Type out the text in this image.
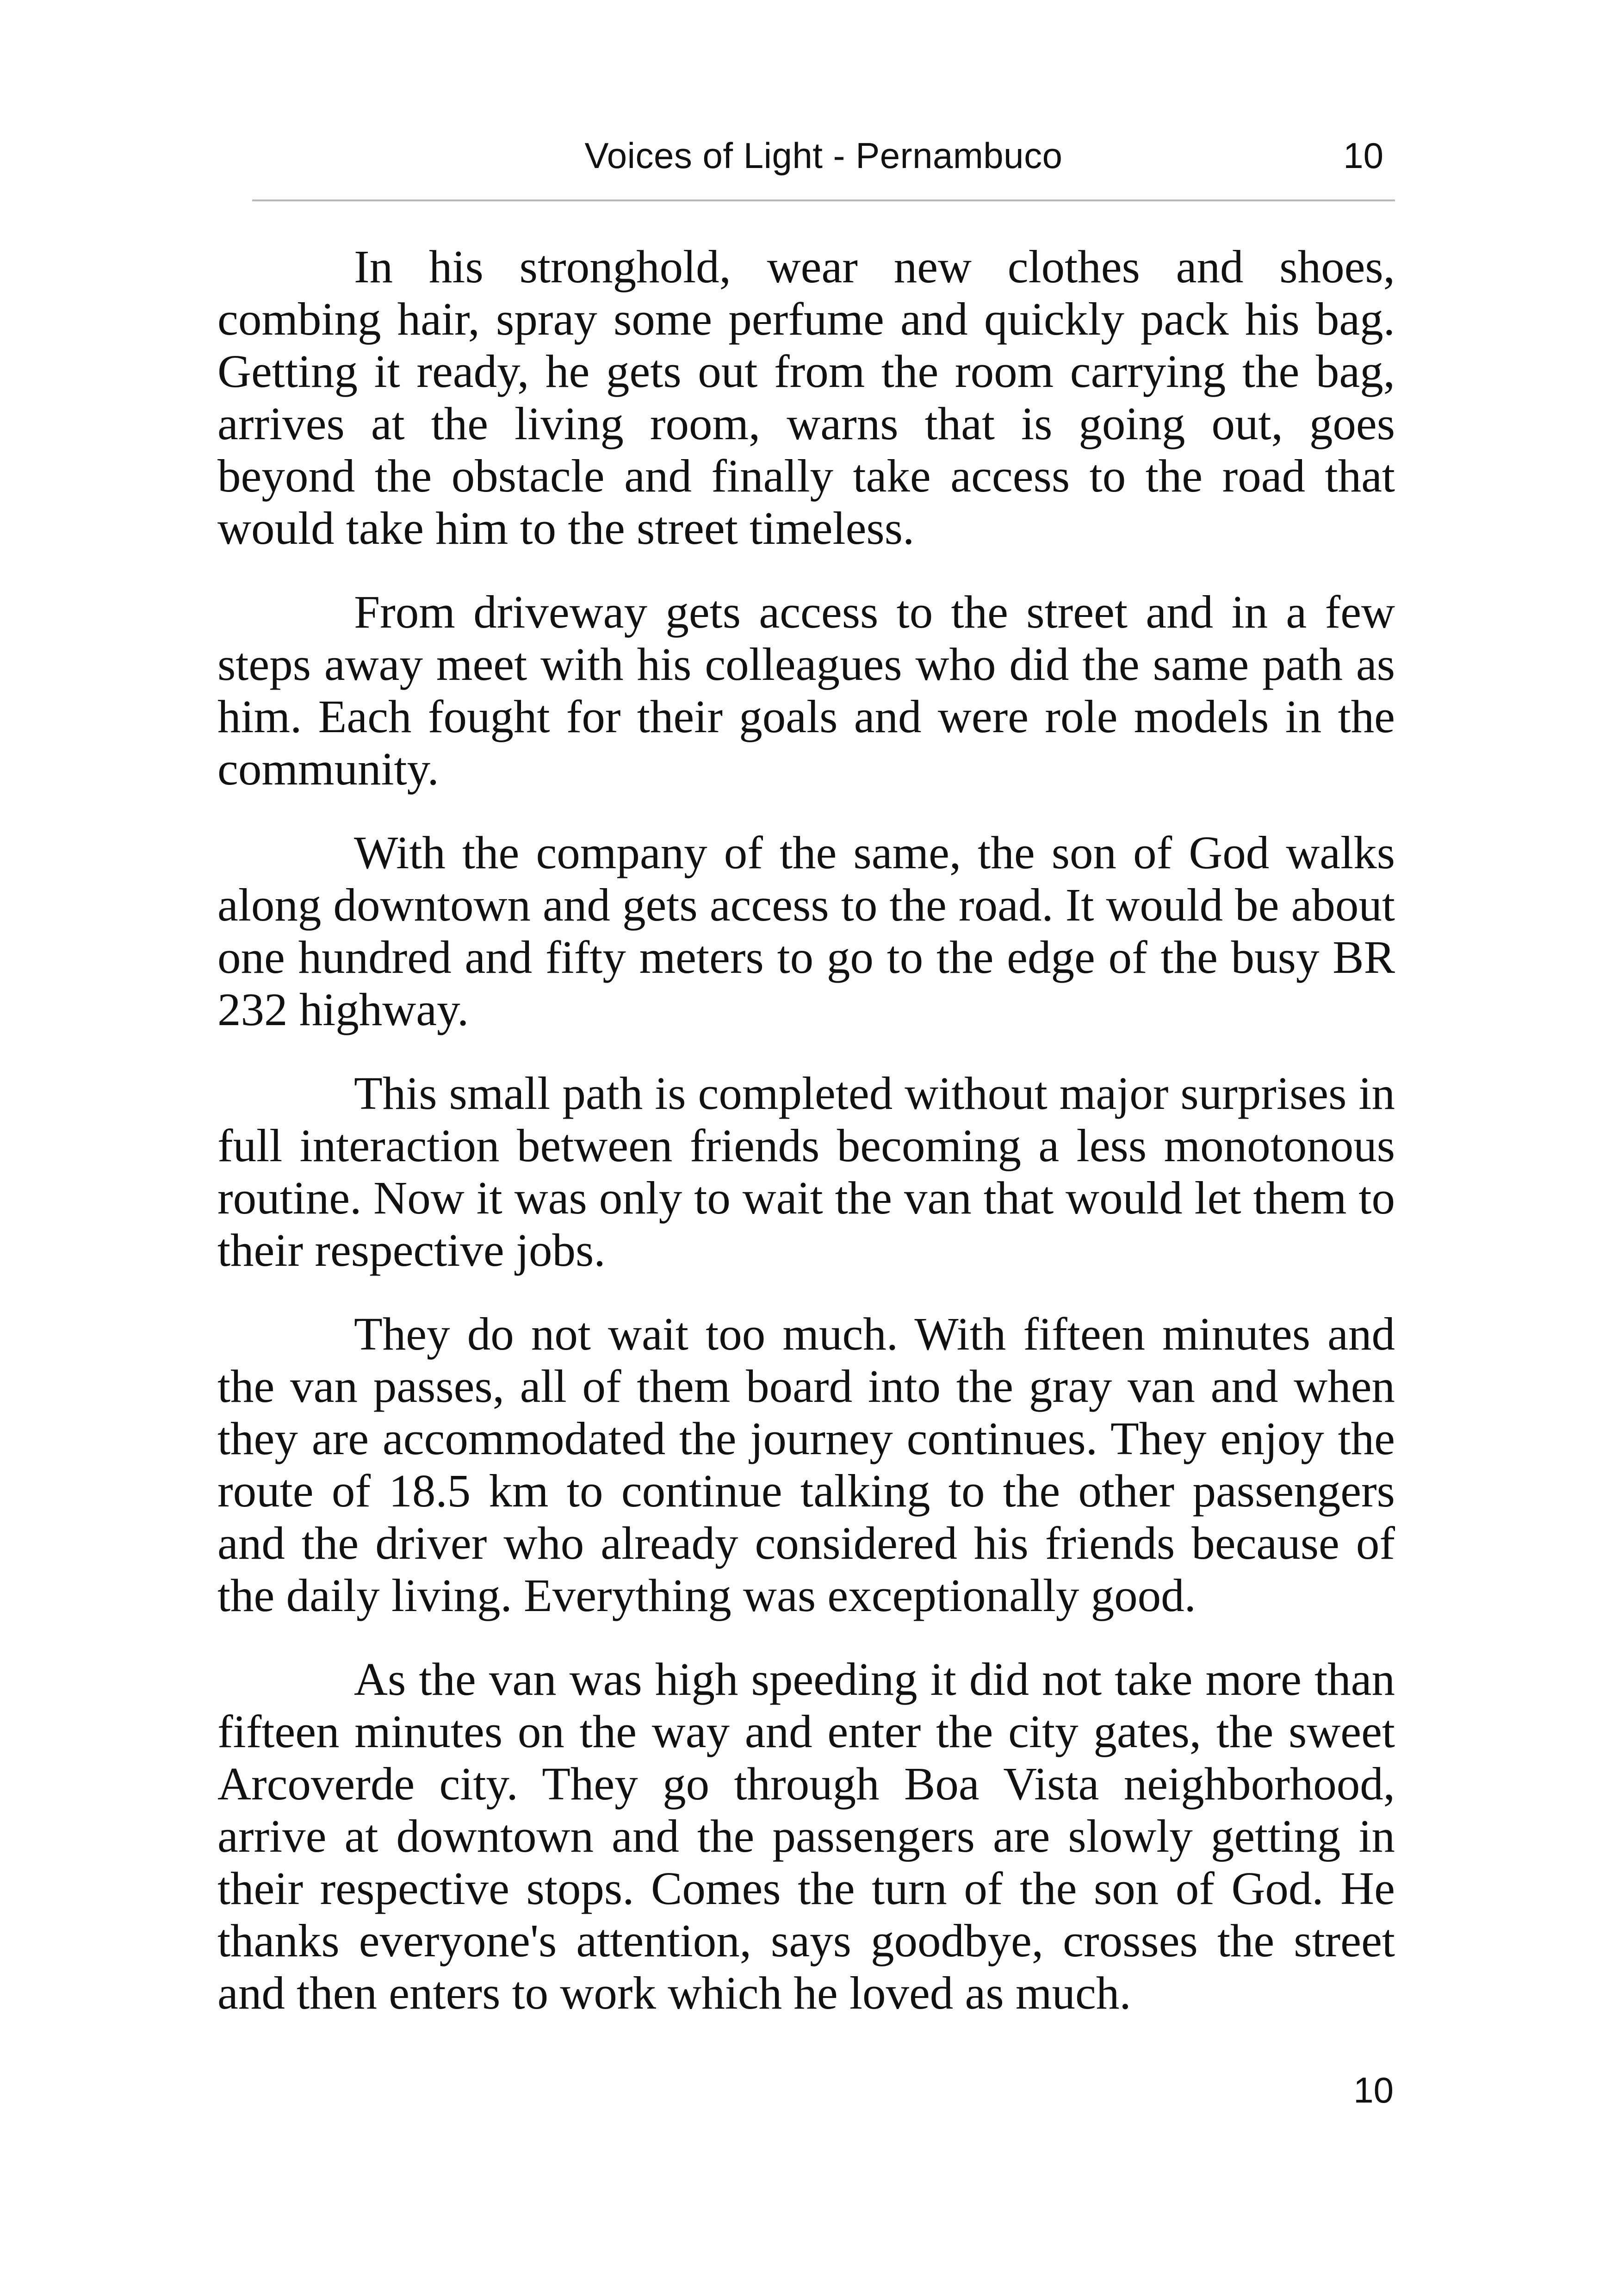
Voices of Light - Pernambuco	10

In his stronghold, wear new clothes and shoes, combing hair, spray some perfume and quickly pack his bag. Getting it ready, he gets out from the room carrying the bag, arrives at the living room, warns that is going out, goes beyond the obstacle and finally take access to the road that would take him to the street timeless.

From driveway gets access to the street and in a few steps away meet with his colleagues who did the same path as him. Each fought for their goals and were role models in the community.

With the company of the same, the son of God walks along downtown and gets access to the road. It would be about one hundred and fifty meters to go to the edge of the busy BR 232 highway.

This small path is completed without major surprises in full interaction between friends becoming a less monotonous routine. Now it was only to wait the van that would let them to their respective jobs.

They do not wait too much. With fifteen minutes and the van passes, all of them board into the gray van and when they are accommodated the journey continues. They enjoy the route of 18.5 km to continue talking to the other passengers and the driver who already considered his friends because of the daily living. Everything was exceptionally good.

As the van was high speeding it did not take more than fifteen minutes on the way and enter the city gates, the sweet Arcoverde city. They go through Boa Vista neighborhood, arrive at downtown and the passengers are slowly getting in their respective stops. Comes the turn of the son of God. He thanks everyone's attention, says goodbye, crosses the street and then enters to work which he loved as much.

10
